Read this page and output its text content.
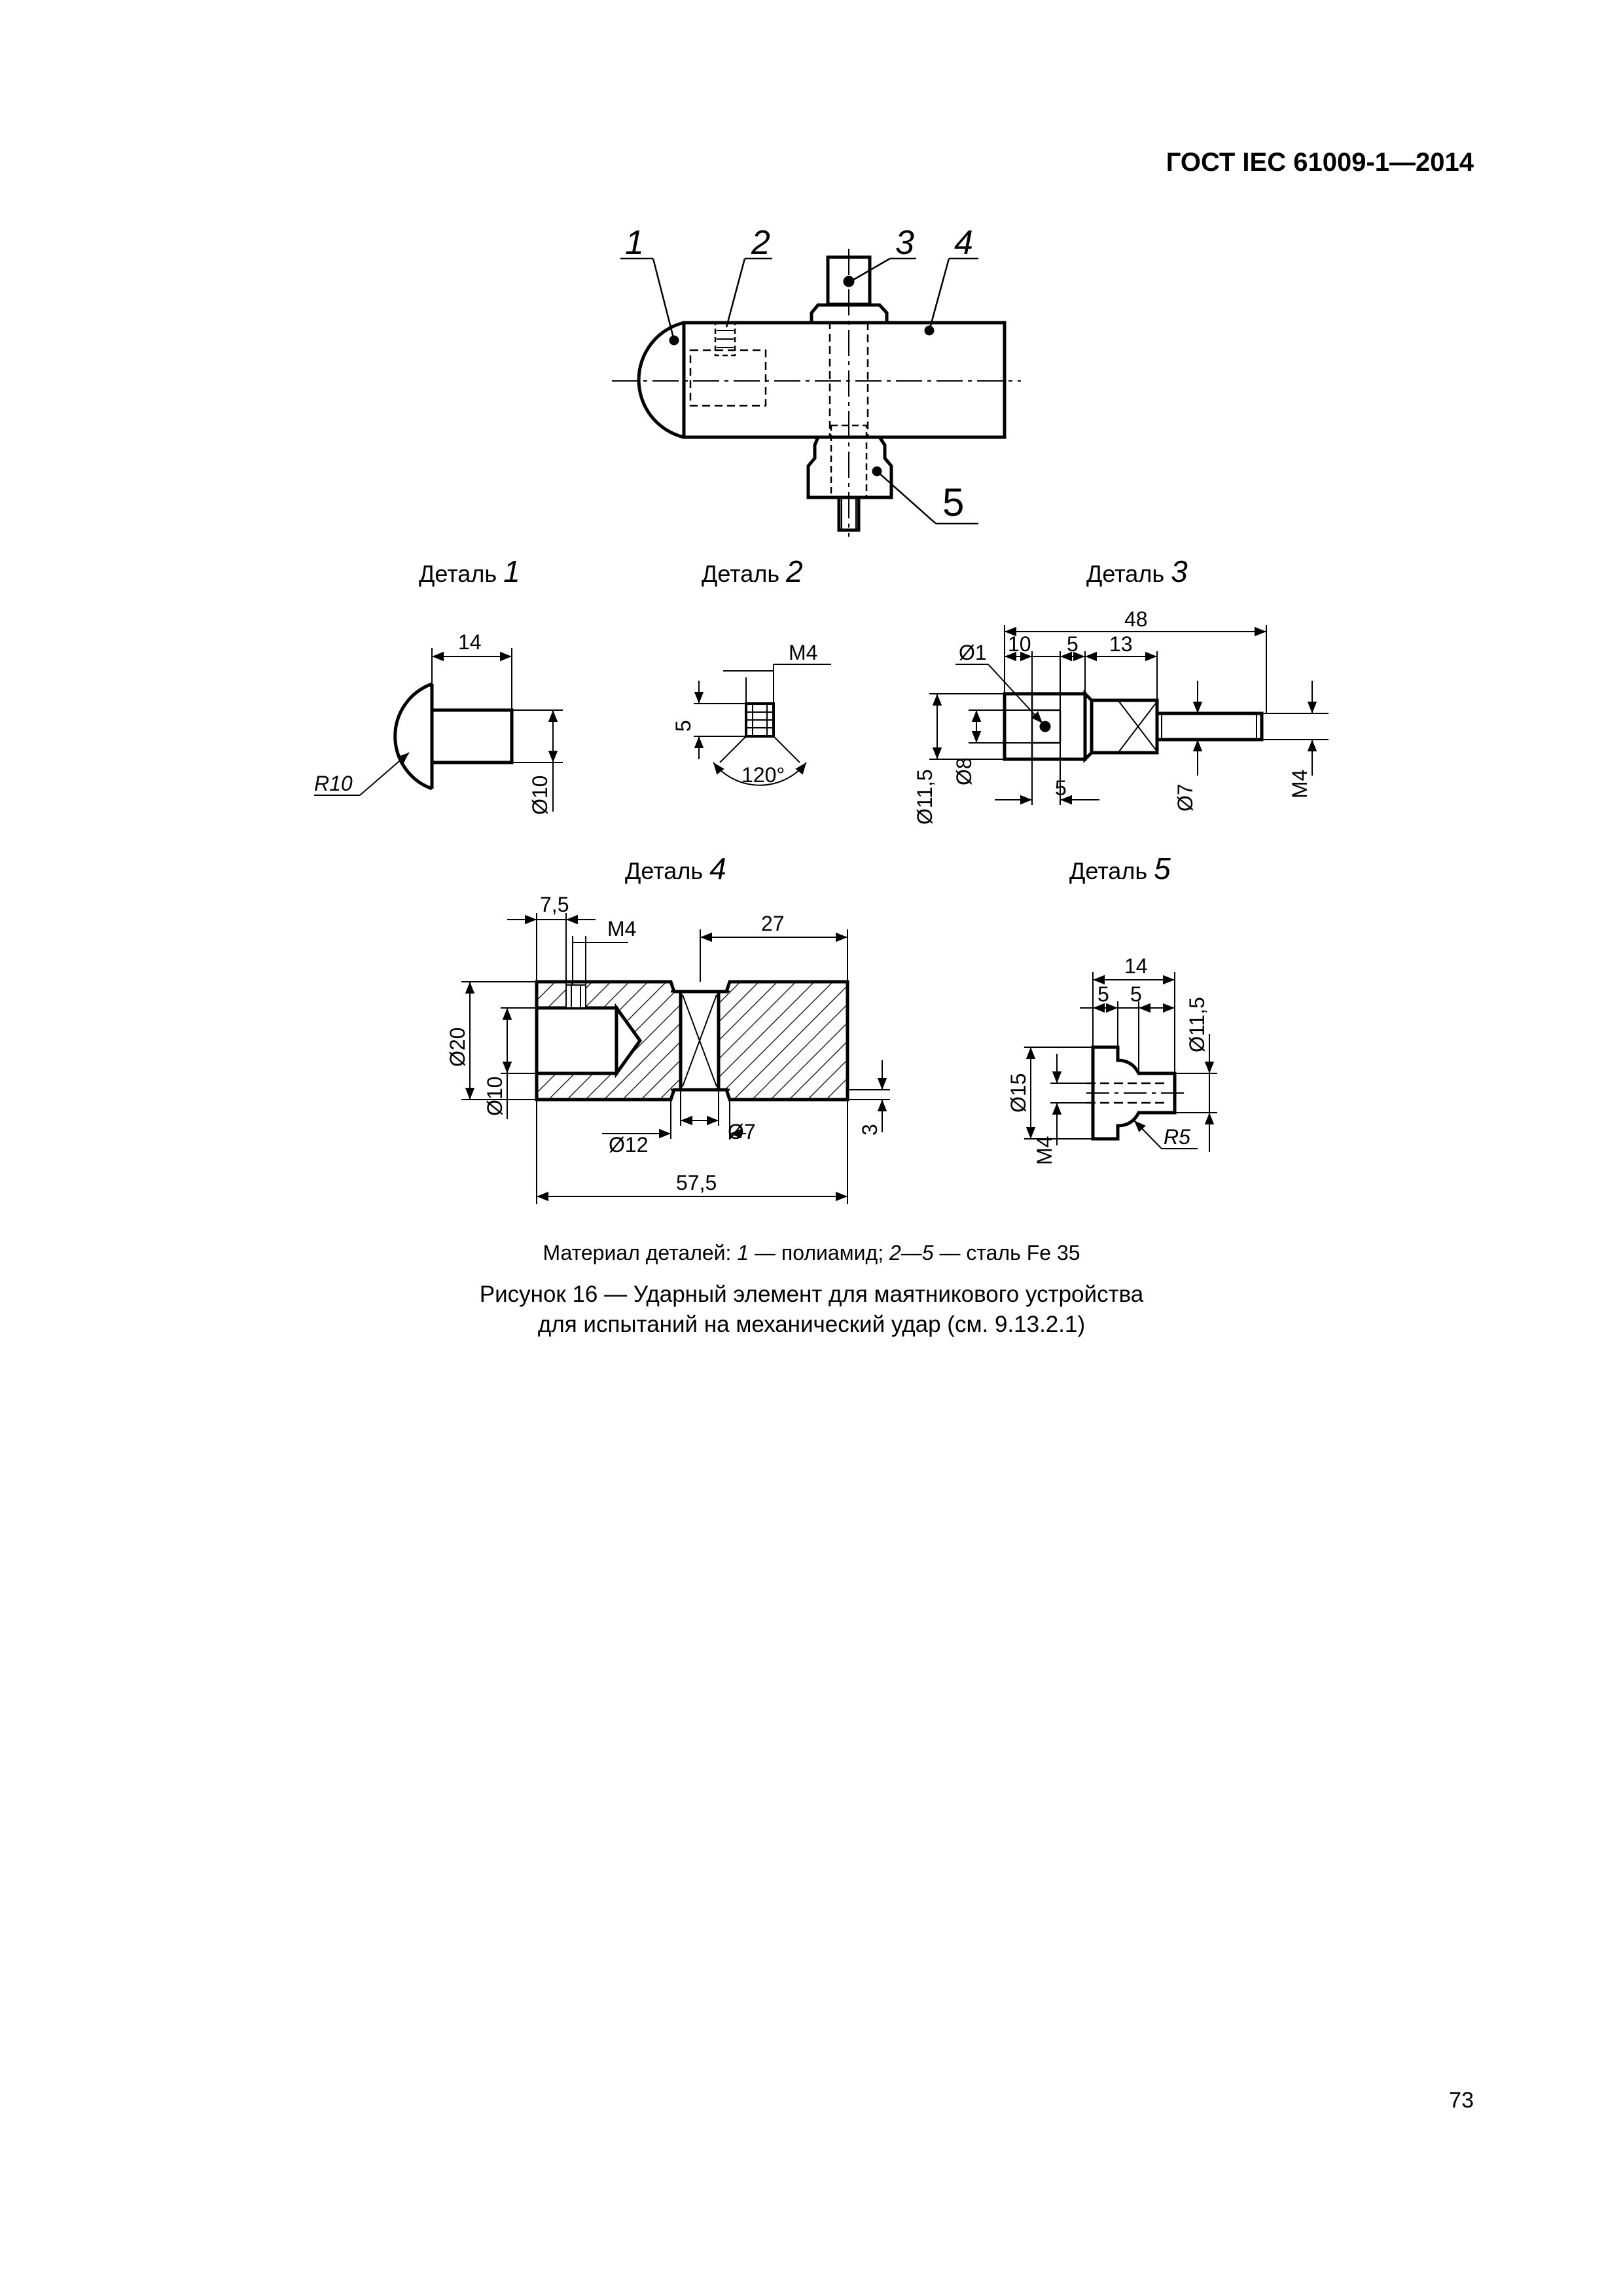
ГОСТ IEC 61009-1—2014
Деталь 1	Деталь 2	Деталь 3
Деталь 4	Деталь 5
1	2	3 4
5
14
R10	Ø10
M4
5
120°
48
10 5 13
Ø1
Ø11,5 Ø8
5	Ø7	M4
7,5
M4	27
Ø20
Ø10
Ø12
Ø7	3
57,5
14
5 5
Ø11,5
Ø15
M4	R5
Материал деталей: 1 — полиамид; 2—5 — сталь Fe 35
Рисунок 16 — Ударный элемент для маятникового устройства
для испытаний на механический удар (см. 9.13.2.1)
73
